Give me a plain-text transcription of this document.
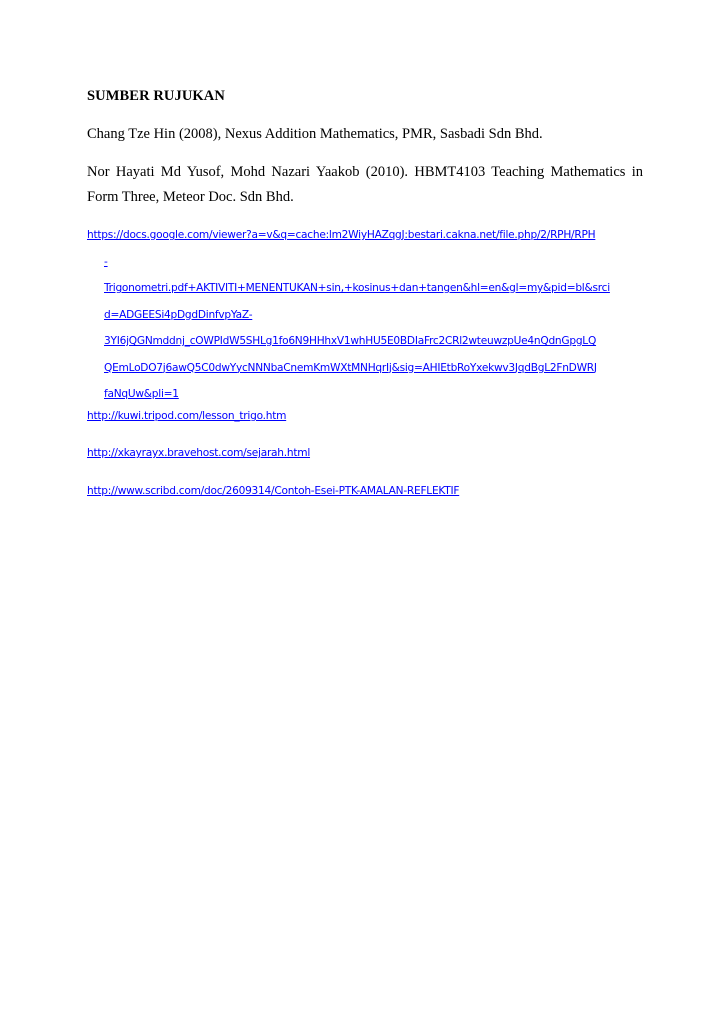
SUMBER RUJUKAN

Chang Tze Hin (2008), Nexus Addition Mathematics, PMR, Sasbadi Sdn Bhd.

Nor Hayati Md Yusof, Mohd Nazari Yaakob (2010). HBMT4103 Teaching Mathematics in Form Three, Meteor Doc. Sdn Bhd.

https://docs.google.com/viewer?a=v&q=cache:lm2WiyHAZqgJ:bestari.cakna.net/file.php/2/RPH/RPH
-
Trigonometri.pdf+AKTIVITI+MENENTUKAN+sin,+kosinus+dan+tangen&hl=en&gl=my&pid=bl&srci
d=ADGEESi4pDgdDinfvpYaZ-
3YI6jQGNmddnj_cOWPIdW5SHLg1fo6N9HHhxV1whHU5E0BDIaFrc2CRl2wteuwzpUe4nQdnGpgLQ
QEmLoDO7j6awQ5C0dwYycNNNbaCnemKmWXtMNHqrIj&sig=AHIEtbRoYxekwv3JqdBgL2FnDWRJ
faNqUw&pli=1
http://kuwi.tripod.com/lesson_trigo.htm
http://xkayrayx.bravehost.com/sejarah.html
http://www.scribd.com/doc/2609314/Contoh-Esei-PTK-AMALAN-REFLEKTIF
